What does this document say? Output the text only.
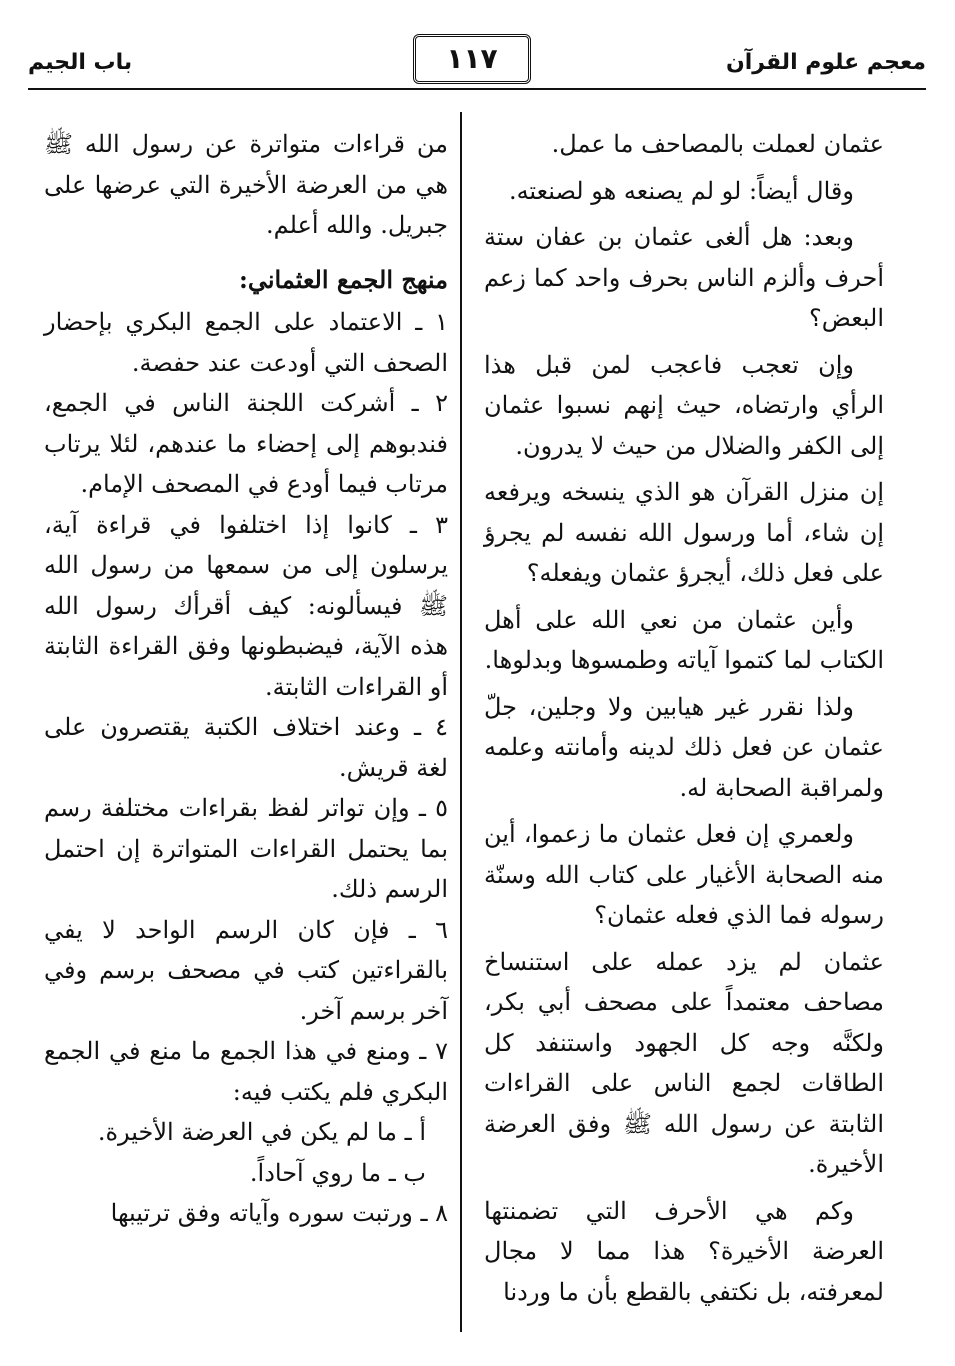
معجم علوم القرآن
١١٧
باب الجيم

عثمان لعملت بالمصاحف ما عمل.

وقال أيضاً: لو لم يصنعه هو لصنعته.

وبعد: هل ألغى عثمان بن عفان ستة أحرف وألزم الناس بحرف واحد كما زعم البعض؟

وإن تعجب فاعجب لمن قبل هذا الرأي وارتضاه، حيث إنهم نسبوا عثمان إلى الكفر والضلال من حيث لا يدرون.

إن منزل القرآن هو الذي ينسخه ويرفعه إن شاء، أما ورسول الله نفسه لم يجرؤ على فعل ذلك، أيجرؤ عثمان ويفعله؟

وأين عثمان من نعي الله على أهل الكتاب لما كتموا آياته وطمسوها وبدلوها.

ولذا نقرر غير هيابين ولا وجلين، جلّ عثمان عن فعل ذلك لدينه وأمانته وعلمه ولمراقبة الصحابة له.

ولعمري إن فعل عثمان ما زعموا، أين منه الصحابة الأغيار على كتاب الله وسنّة رسوله فما الذي فعله عثمان؟

عثمان لم يزد عمله على استنساخ مصاحف معتمداً على مصحف أبي بكر، ولكنَّه وجه كل الجهود واستنفد كل الطاقات لجمع الناس على القراءات الثابتة عن رسول الله ﷺ وفق العرضة الأخيرة.

وكم هي الأحرف التي تضمنتها العرضة الأخيرة؟ هذا مما لا مجال لمعرفته، بل نكتفي بالقطع بأن ما وردنا

من قراءات متواترة عن رسول الله ﷺ هي من العرضة الأخيرة التي عرضها على جبريل. والله أعلم.

منهج الجمع العثماني:

١ ـ الاعتماد على الجمع البكري بإحضار الصحف التي أودعت عند حفصة.

٢ ـ أشركت اللجنة الناس في الجمع، فندبوهم إلى إحضاء ما عندهم، لئلا يرتاب مرتاب فيما أودع في المصحف الإمام.

٣ ـ كانوا إذا اختلفوا في قراءة آية، يرسلون إلى من سمعها من رسول الله ﷺ فيسألونه: كيف أقرأك رسول الله هذه الآية، فيضبطونها وفق القراءة الثابتة أو القراءات الثابتة.

٤ ـ وعند اختلاف الكتبة يقتصرون على لغة قريش.

٥ ـ وإن تواتر لفظ بقراءات مختلفة رسم بما يحتمل القراءات المتواترة إن احتمل الرسم ذلك.

٦ ـ فإن كان الرسم الواحد لا يفي بالقراءتين كتب في مصحف برسم وفي آخر برسم آخر.

٧ ـ ومنع في هذا الجمع ما منع في الجمع البكري فلم يكتب فيه:

أ ـ ما لم يكن في العرضة الأخيرة.

ب ـ ما روي آحاداً.

٨ ـ ورتبت سوره وآياته وفق ترتيبها
